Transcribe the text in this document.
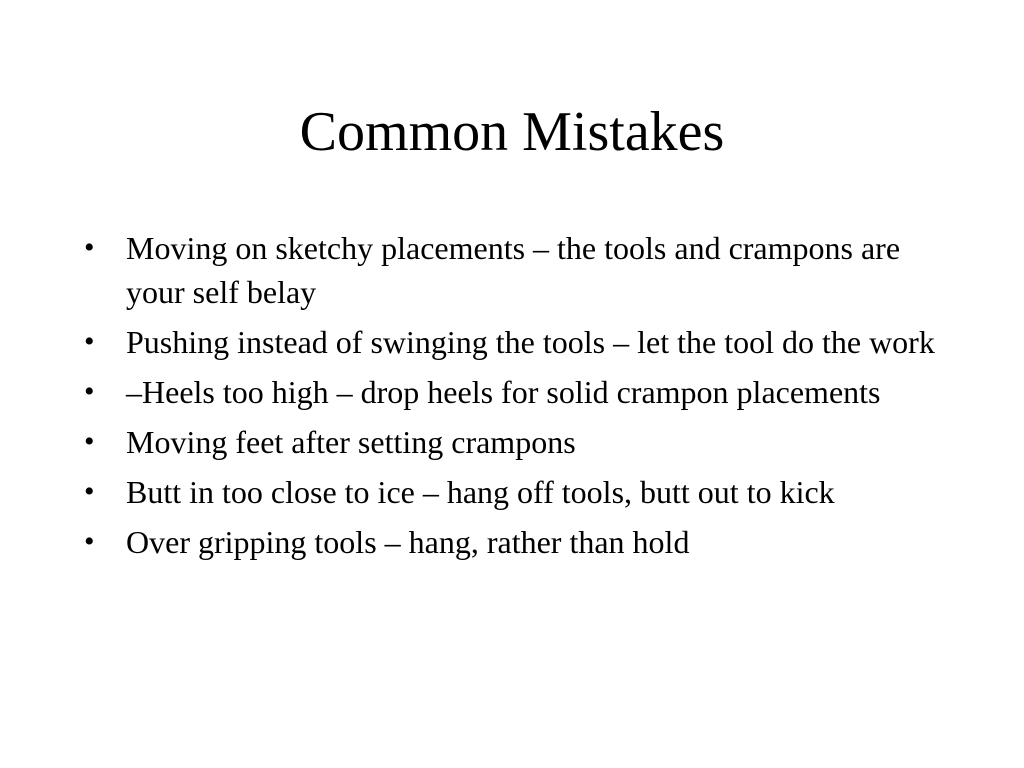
Common Mistakes
• Moving on sketchy placements – the tools and crampons are your self belay
• Pushing instead of swinging the tools – let the tool do the work
• –Heels too high – drop heels for solid crampon placements
• Moving feet after setting crampons
• Butt in too close to ice – hang off tools, butt out to kick
• Over gripping tools – hang, rather than hold
